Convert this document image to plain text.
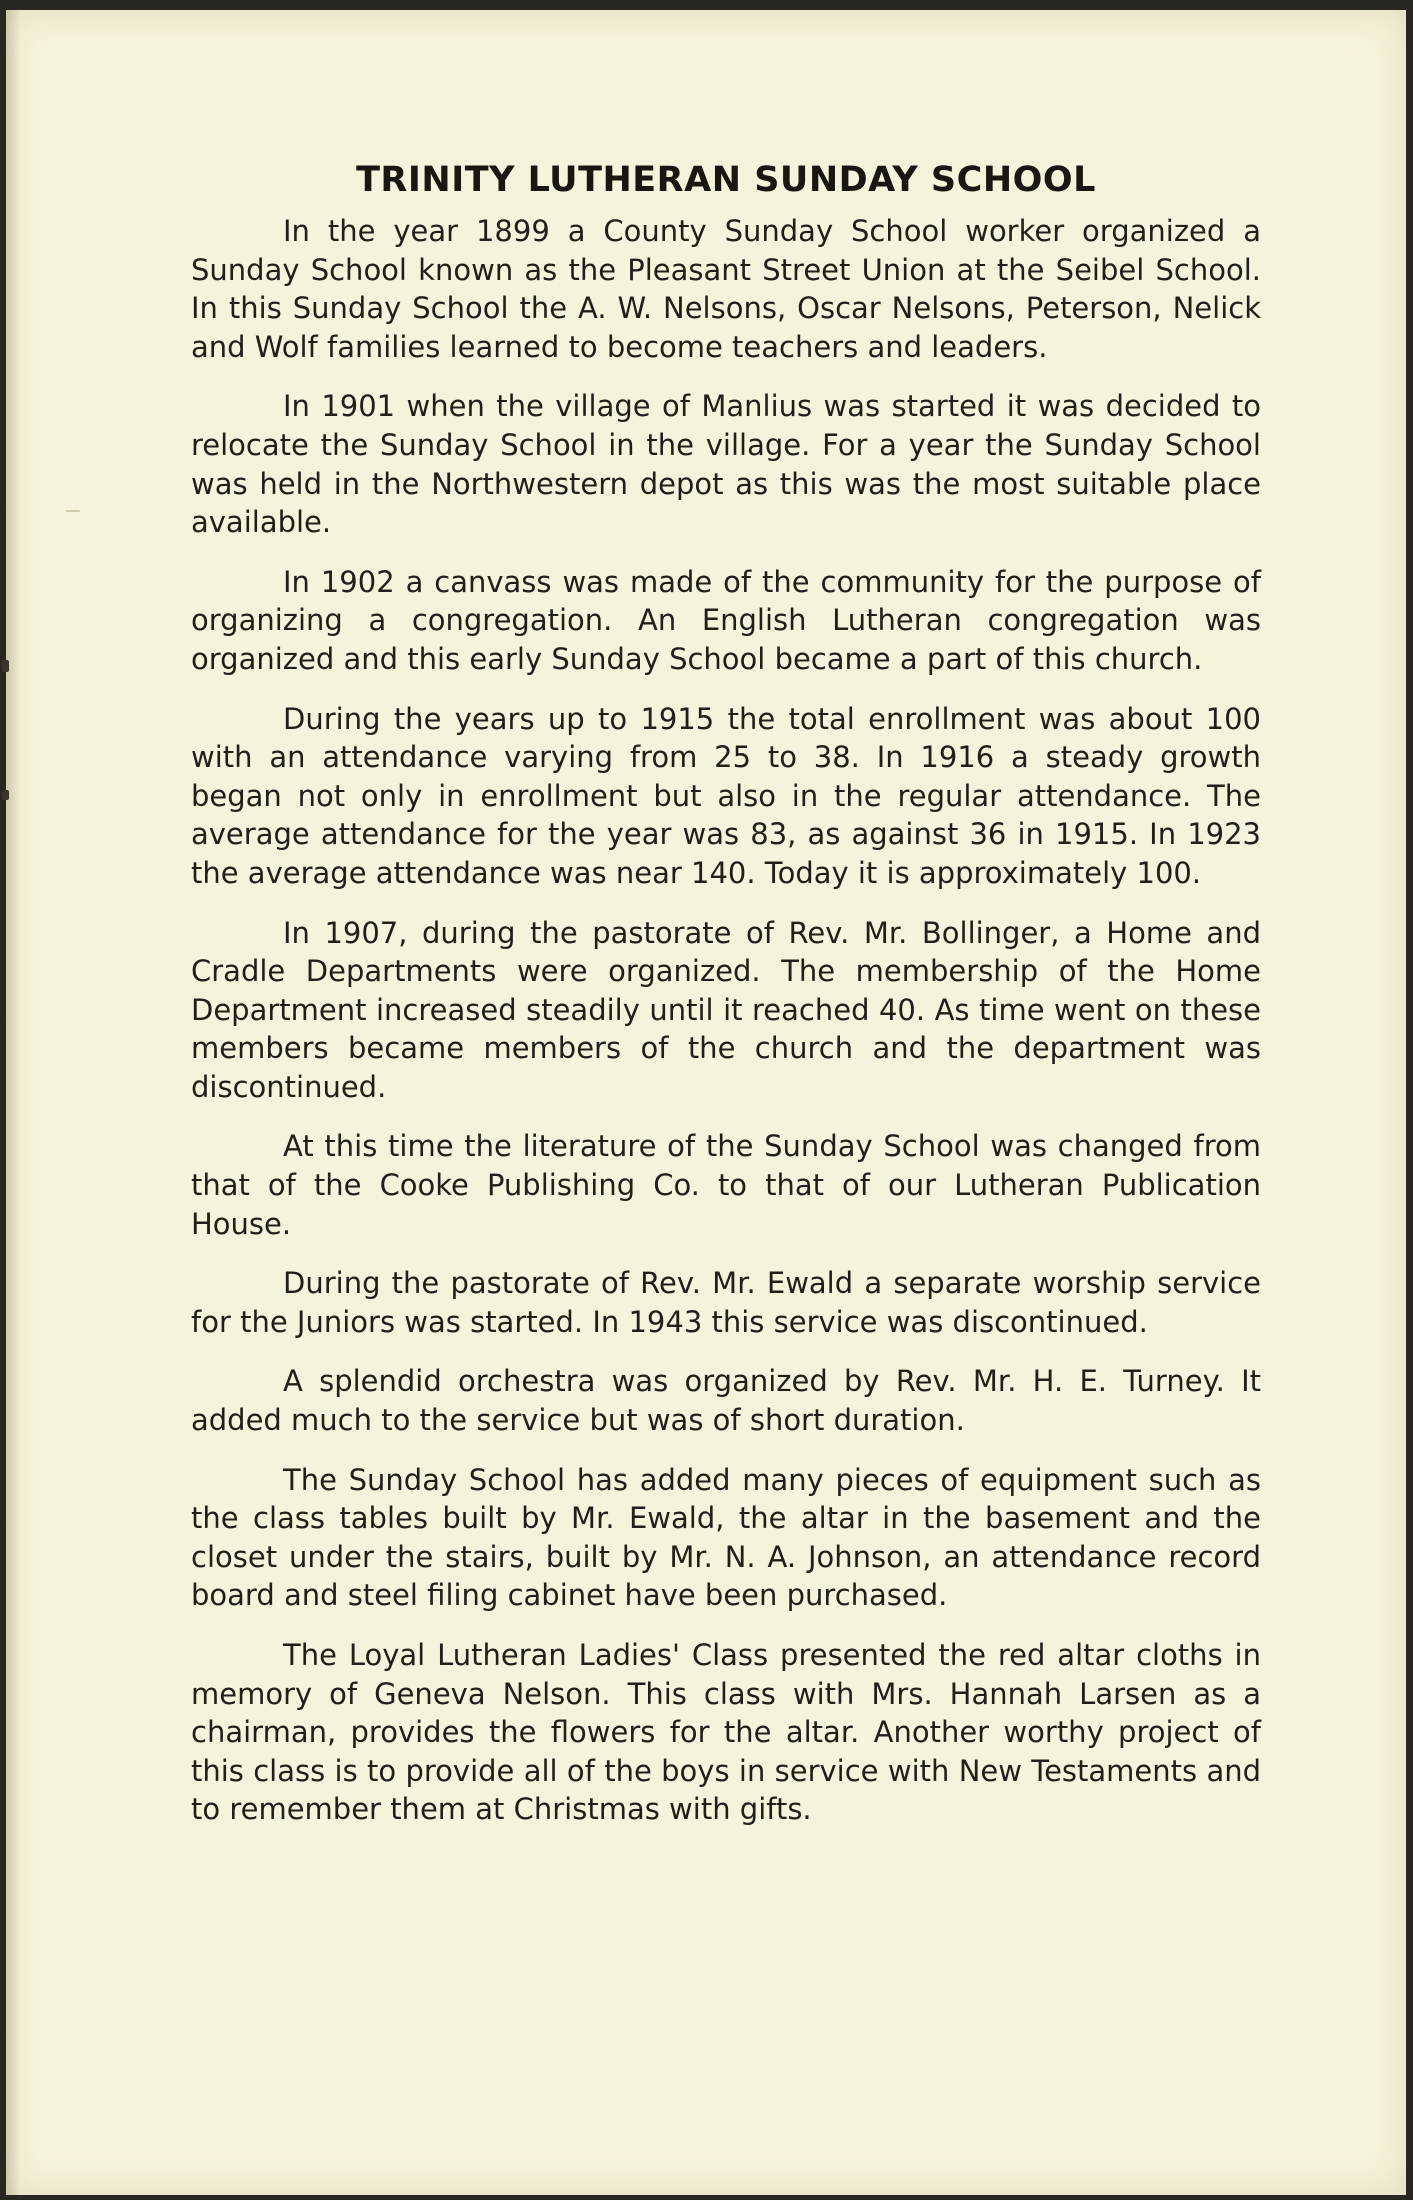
TRINITY LUTHERAN SUNDAY SCHOOL

In the year 1899 a County Sunday School worker organized a Sunday School known as the Pleasant Street Union at the Seibel School. In this Sunday School the A. W. Nelsons, Oscar Nelsons, Peterson, Nelick and Wolf families learned to become teachers and leaders.

In 1901 when the village of Manlius was started it was decided to relocate the Sunday School in the village. For a year the Sunday School was held in the Northwestern depot as this was the most suitable place available.

In 1902 a canvass was made of the community for the purpose of organizing a congregation. An English Lutheran congregation was organized and this early Sunday School became a part of this church.

During the years up to 1915 the total enrollment was about 100 with an attendance varying from 25 to 38. In 1916 a steady growth began not only in enrollment but also in the regular attendance. The average attendance for the year was 83, as against 36 in 1915. In 1923 the average attendance was near 140. Today it is approximately 100.

In 1907, during the pastorate of Rev. Mr. Bollinger, a Home and Cradle Departments were organized. The membership of the Home Department increased steadily until it reached 40. As time went on these members became members of the church and the department was discontinued.

At this time the literature of the Sunday School was changed from that of the Cooke Publishing Co. to that of our Lutheran Publication House.

During the pastorate of Rev. Mr. Ewald a separate worship service for the Juniors was started. In 1943 this service was discontinued.

A splendid orchestra was organized by Rev. Mr. H. E. Turney. It added much to the service but was of short duration.

The Sunday School has added many pieces of equipment such as the class tables built by Mr. Ewald, the altar in the basement and the closet under the stairs, built by Mr. N. A. Johnson, an attendance record board and steel filing cabinet have been purchased.

The Loyal Lutheran Ladies' Class presented the red altar cloths in memory of Geneva Nelson. This class with Mrs. Hannah Larsen as a chairman, provides the flowers for the altar. Another worthy project of this class is to provide all of the boys in service with New Testaments and to remember them at Christmas with gifts.
